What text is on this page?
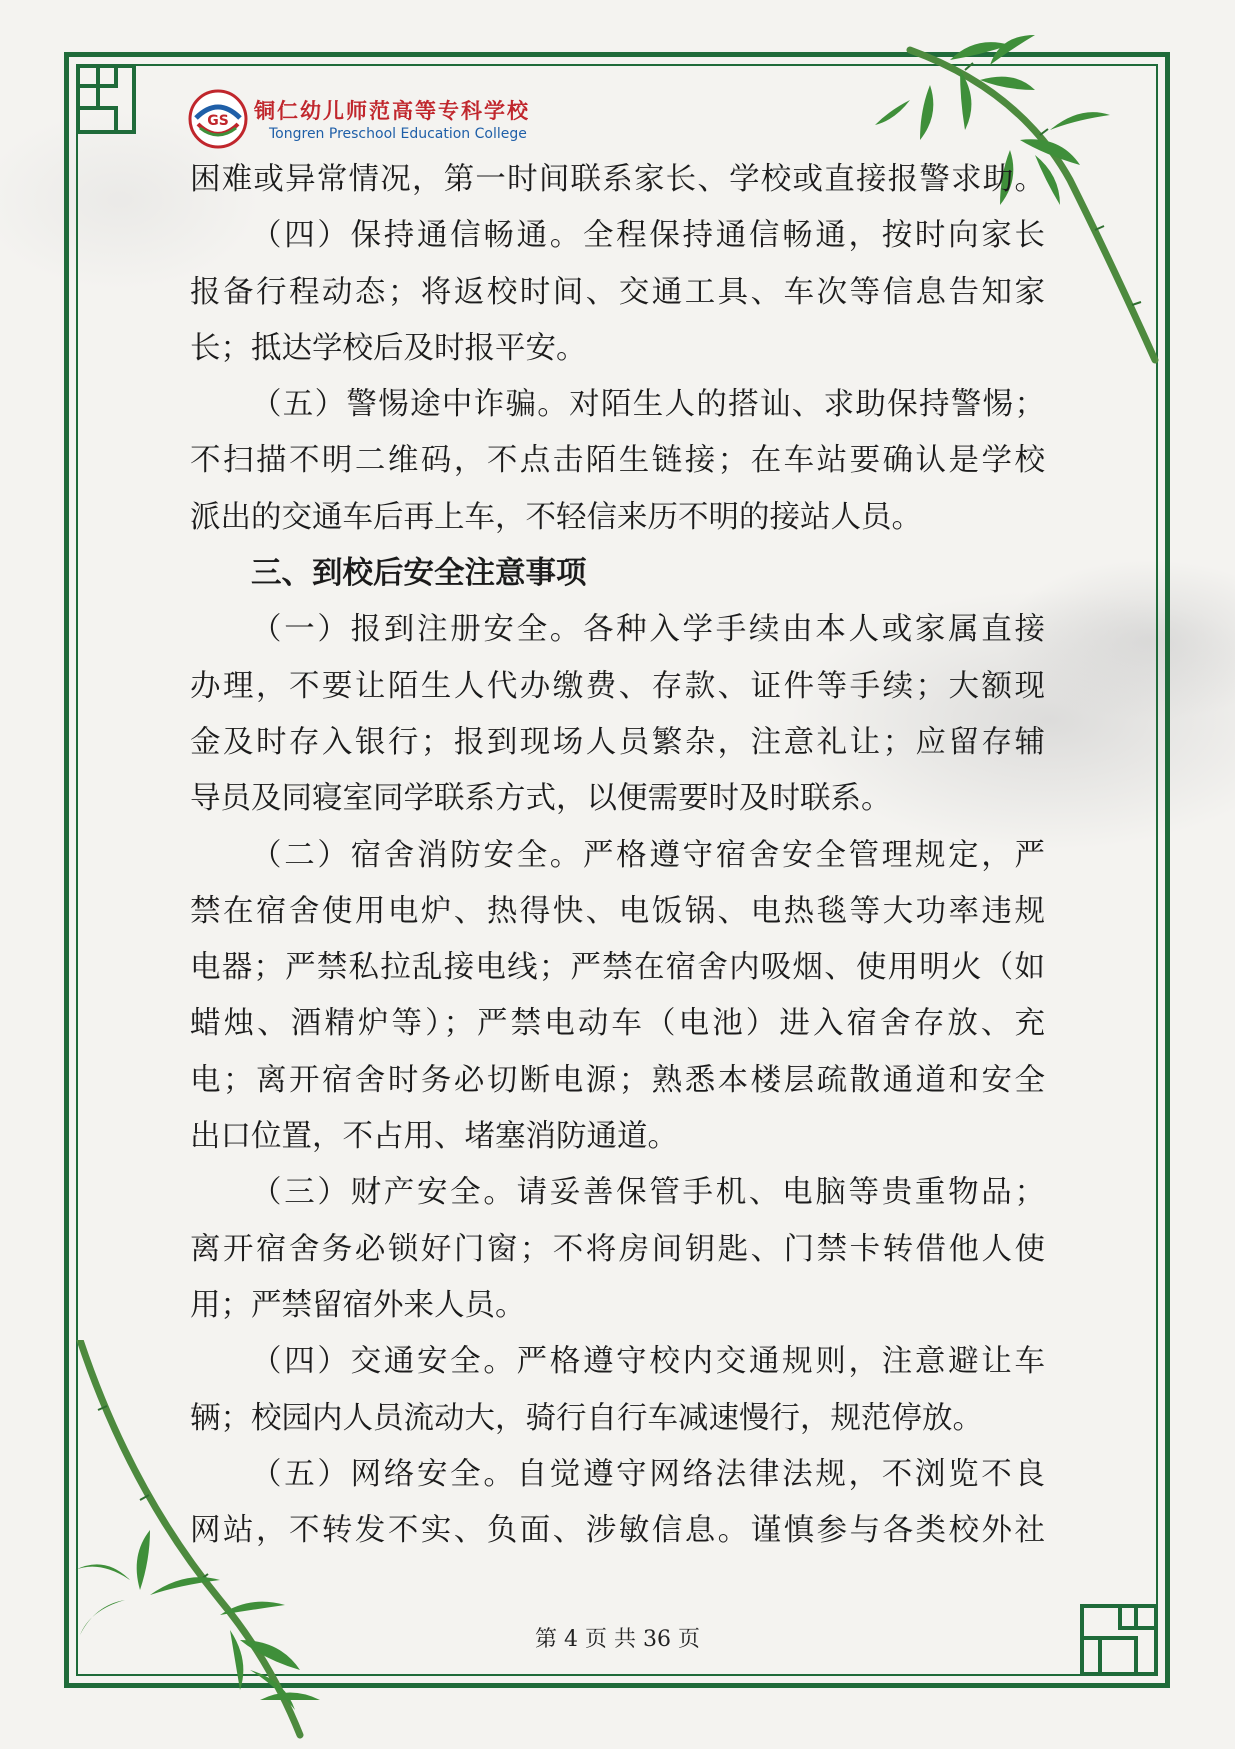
GS 铜仁幼儿师范高等专科学校
Tongren Preschool Education College

困难或异常情况，第一时间联系家长、学校或直接报警求助。

（四）保持通信畅通。全程保持通信畅通，按时向家长

报备行程动态；将返校时间、交通工具、车次等信息告知家

长；抵达学校后及时报平安。

（五）警惕途中诈骗。对陌生人的搭讪、求助保持警惕；

不扫描不明二维码，不点击陌生链接；在车站要确认是学校

派出的交通车后再上车，不轻信来历不明的接站人员。

三、到校后安全注意事项

（一）报到注册安全。各种入学手续由本人或家属直接

办理，不要让陌生人代办缴费、存款、证件等手续；大额现

金及时存入银行；报到现场人员繁杂，注意礼让；应留存辅

导员及同寝室同学联系方式，以便需要时及时联系。

（二）宿舍消防安全。严格遵守宿舍安全管理规定，严

禁在宿舍使用电炉、热得快、电饭锅、电热毯等大功率违规

电器；严禁私拉乱接电线；严禁在宿舍内吸烟、使用明火（如

蜡烛、酒精炉等）；严禁电动车（电池）进入宿舍存放、充

电；离开宿舍时务必切断电源；熟悉本楼层疏散通道和安全

出口位置，不占用、堵塞消防通道。

（三）财产安全。请妥善保管手机、电脑等贵重物品；

离开宿舍务必锁好门窗；不将房间钥匙、门禁卡转借他人使

用；严禁留宿外来人员。

（四）交通安全。严格遵守校内交通规则，注意避让车

辆；校园内人员流动大，骑行自行车减速慢行，规范停放。

（五）网络安全。自觉遵守网络法律法规，不浏览不良

网站，不转发不实、负面、涉敏信息。谨慎参与各类校外社

第 4 页 共 36 页
